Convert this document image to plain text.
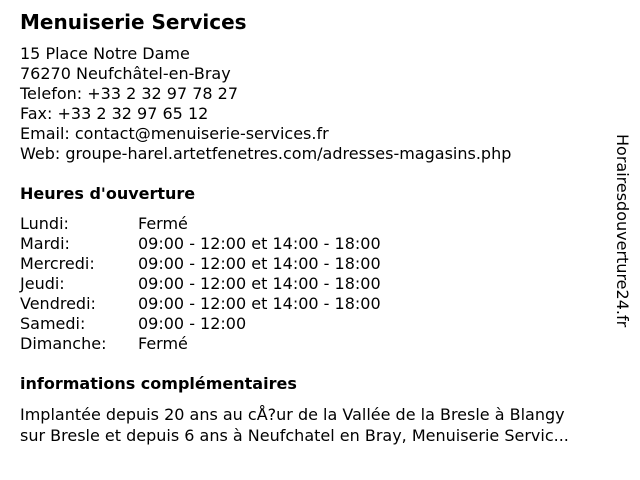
Menuiserie Services
15 Place Notre Dame
76270 Neufchâtel-en-Bray
Telefon: +33 2 32 97 78 27
Fax: +33 2 32 97 65 12
Email: contact@menuiserie-services.fr
Web: groupe-harel.artetfenetres.com/adresses-magasins.php
Heures d'ouverture
Lundi:	Fermé
Mardi:	09:00 - 12:00 et 14:00 - 18:00
Mercredi:	09:00 - 12:00 et 14:00 - 18:00
Jeudi:	09:00 - 12:00 et 14:00 - 18:00
Vendredi:	09:00 - 12:00 et 14:00 - 18:00
Samedi:	09:00 - 12:00
Dimanche: Fermé
informations complémentaires
Implantée depuis 20 ans au cÅ?ur de la Vallée de la Bresle à Blangy
sur Bresle et depuis 6 ans à Neufchatel en Bray, Menuiserie Servic...
Horairesdouverture24.fr
